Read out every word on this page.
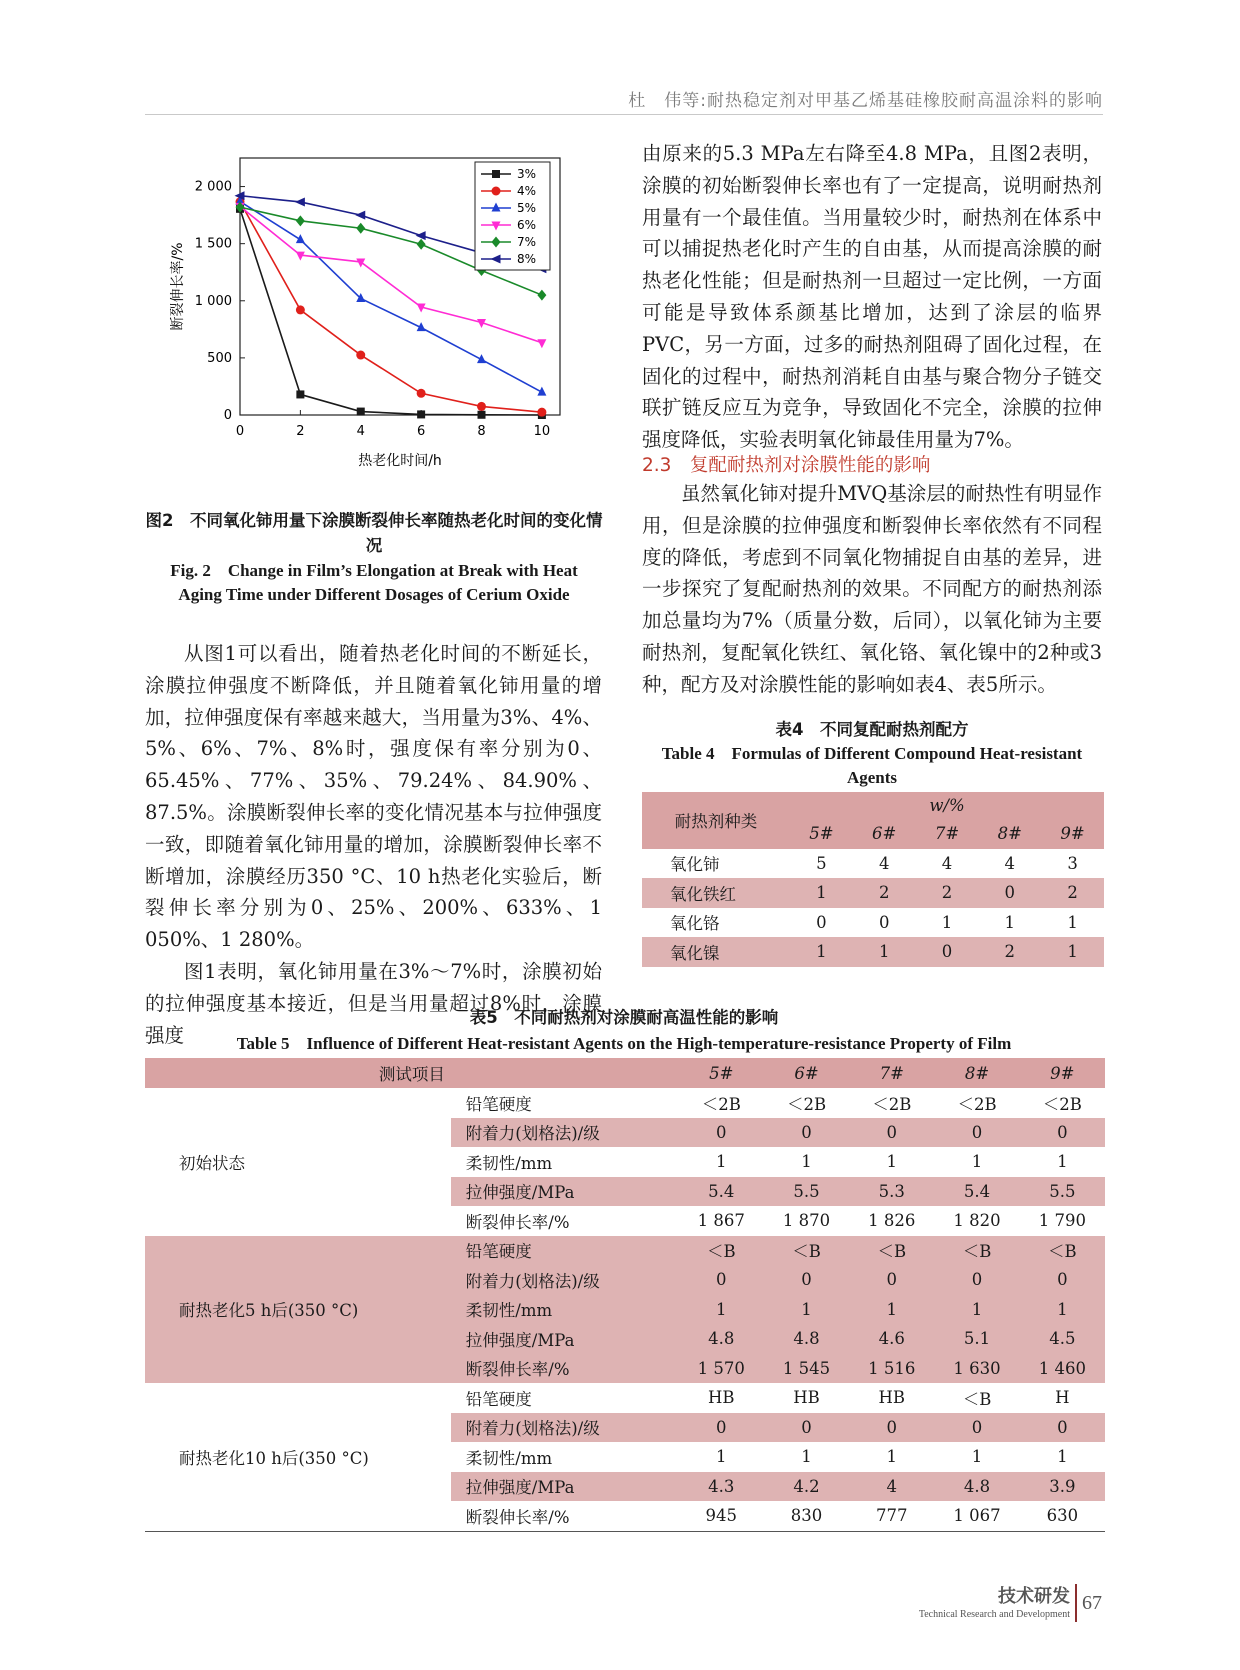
杜　伟等:耐热稳定剂对甲基乙烯基硅橡胶耐高温涂料的影响
0	2	4	6	8	10
0
500
1 000
1 500
2 000
热老化时间/h
断裂伸长率/%
3%
4%
5%
6%
7%
8%
图2　不同氧化铈用量下涂膜断裂伸长率随热老化时间的变化情况
Fig. 2　Change in Film’s Elongation at Break with Heat
Aging Time under Different Dosages of Cerium Oxide

从图1可以看出，随着热老化时间的不断延长，涂膜拉伸强度不断降低，并且随着氧化铈用量的增加，拉伸强度保有率越来越大，当用量为3%、4%、5%、6%、7%、8%时，强度保有率分别为0、65.45%、77%、35%、79.24%、84.90%、87.5%。涂膜断裂伸长率的变化情况基本与拉伸强度一致，即随着氧化铈用量的增加，涂膜断裂伸长率不断增加，涂膜经历350 °C、10 h热老化实验后，断裂伸长率分别为0、25%、200%、633%、1 050%、1 280%。

图1表明，氧化铈用量在3%～7%时，涂膜初始的拉伸强度基本接近，但是当用量超过8%时，涂膜强度

由原来的5.3 MPa左右降至4.8 MPa，且图2表明，涂膜的初始断裂伸长率也有了一定提高，说明耐热剂用量有一个最佳值。当用量较少时，耐热剂在体系中可以捕捉热老化时产生的自由基，从而提高涂膜的耐热老化性能；但是耐热剂一旦超过一定比例，一方面可能是导致体系颜基比增加，达到了涂层的临界PVC，另一方面，过多的耐热剂阻碍了固化过程，在固化的过程中，耐热剂消耗自由基与聚合物分子链交联扩链反应互为竞争，导致固化不完全，涂膜的拉伸强度降低，实验表明氧化铈最佳用量为7%。

2.3　复配耐热剂对涂膜性能的影响

虽然氧化铈对提升MVQ基涂层的耐热性有明显作用，但是涂膜的拉伸强度和断裂伸长率依然有不同程度的降低，考虑到不同氧化物捕捉自由基的差异，进一步探究了复配耐热剂的效果。不同配方的耐热剂添加总量均为7%（质量分数，后同），以氧化铈为主要耐热剂，复配氧化铁红、氧化铬、氧化镍中的2种或3种，配方及对涂膜性能的影响如表4、表5所示。

表4　不同复配耐热剂配方
Table 4　Formulas of Different Compound Heat-resistant
Agents
耐热剂种类	w/%				
	5#	6#	7#	8#	9#
氧化铈	5	4	4	4	3
氧化铁红	1	2	2	0	2
氧化铬	0	0	1	1	1
氧化镍	1	1	0	2	1
表5　不同耐热剂对涂膜耐高温性能的影响
Table 5　Influence of Different Heat-resistant Agents on the High-temperature-resistance Property of Film
测试项目		5#	6#	7#	8#	9#
初始状态	铅笔硬度	＜2B	＜2B	＜2B	＜2B	＜2B
	附着力(划格法)/级	0	0	0	0	0
	柔韧性/mm	1	1	1	1	1
	拉伸强度/MPa	5.4	5.5	5.3	5.4	5.5
	断裂伸长率/%	1 867	1 870	1 826	1 820	1 790
耐热老化5 h后(350 °C)	铅笔硬度	＜B	＜B	＜B	＜B	＜B
	附着力(划格法)/级	0	0	0	0	0
	柔韧性/mm	1	1	1	1	1
	拉伸强度/MPa	4.8	4.8	4.6	5.1	4.5
	断裂伸长率/%	1 570	1 545	1 516	1 630	1 460
耐热老化10 h后(350 °C)	铅笔硬度	HB	HB	HB	＜B	H
	附着力(划格法)/级	0	0	0	0	0
	柔韧性/mm	1	1	1	1	1
	拉伸强度/MPa	4.3	4.2	4	4.8	3.9
	断裂伸长率/%	945	830	777	1 067	630
技术研发
Technical Research and Development
67
